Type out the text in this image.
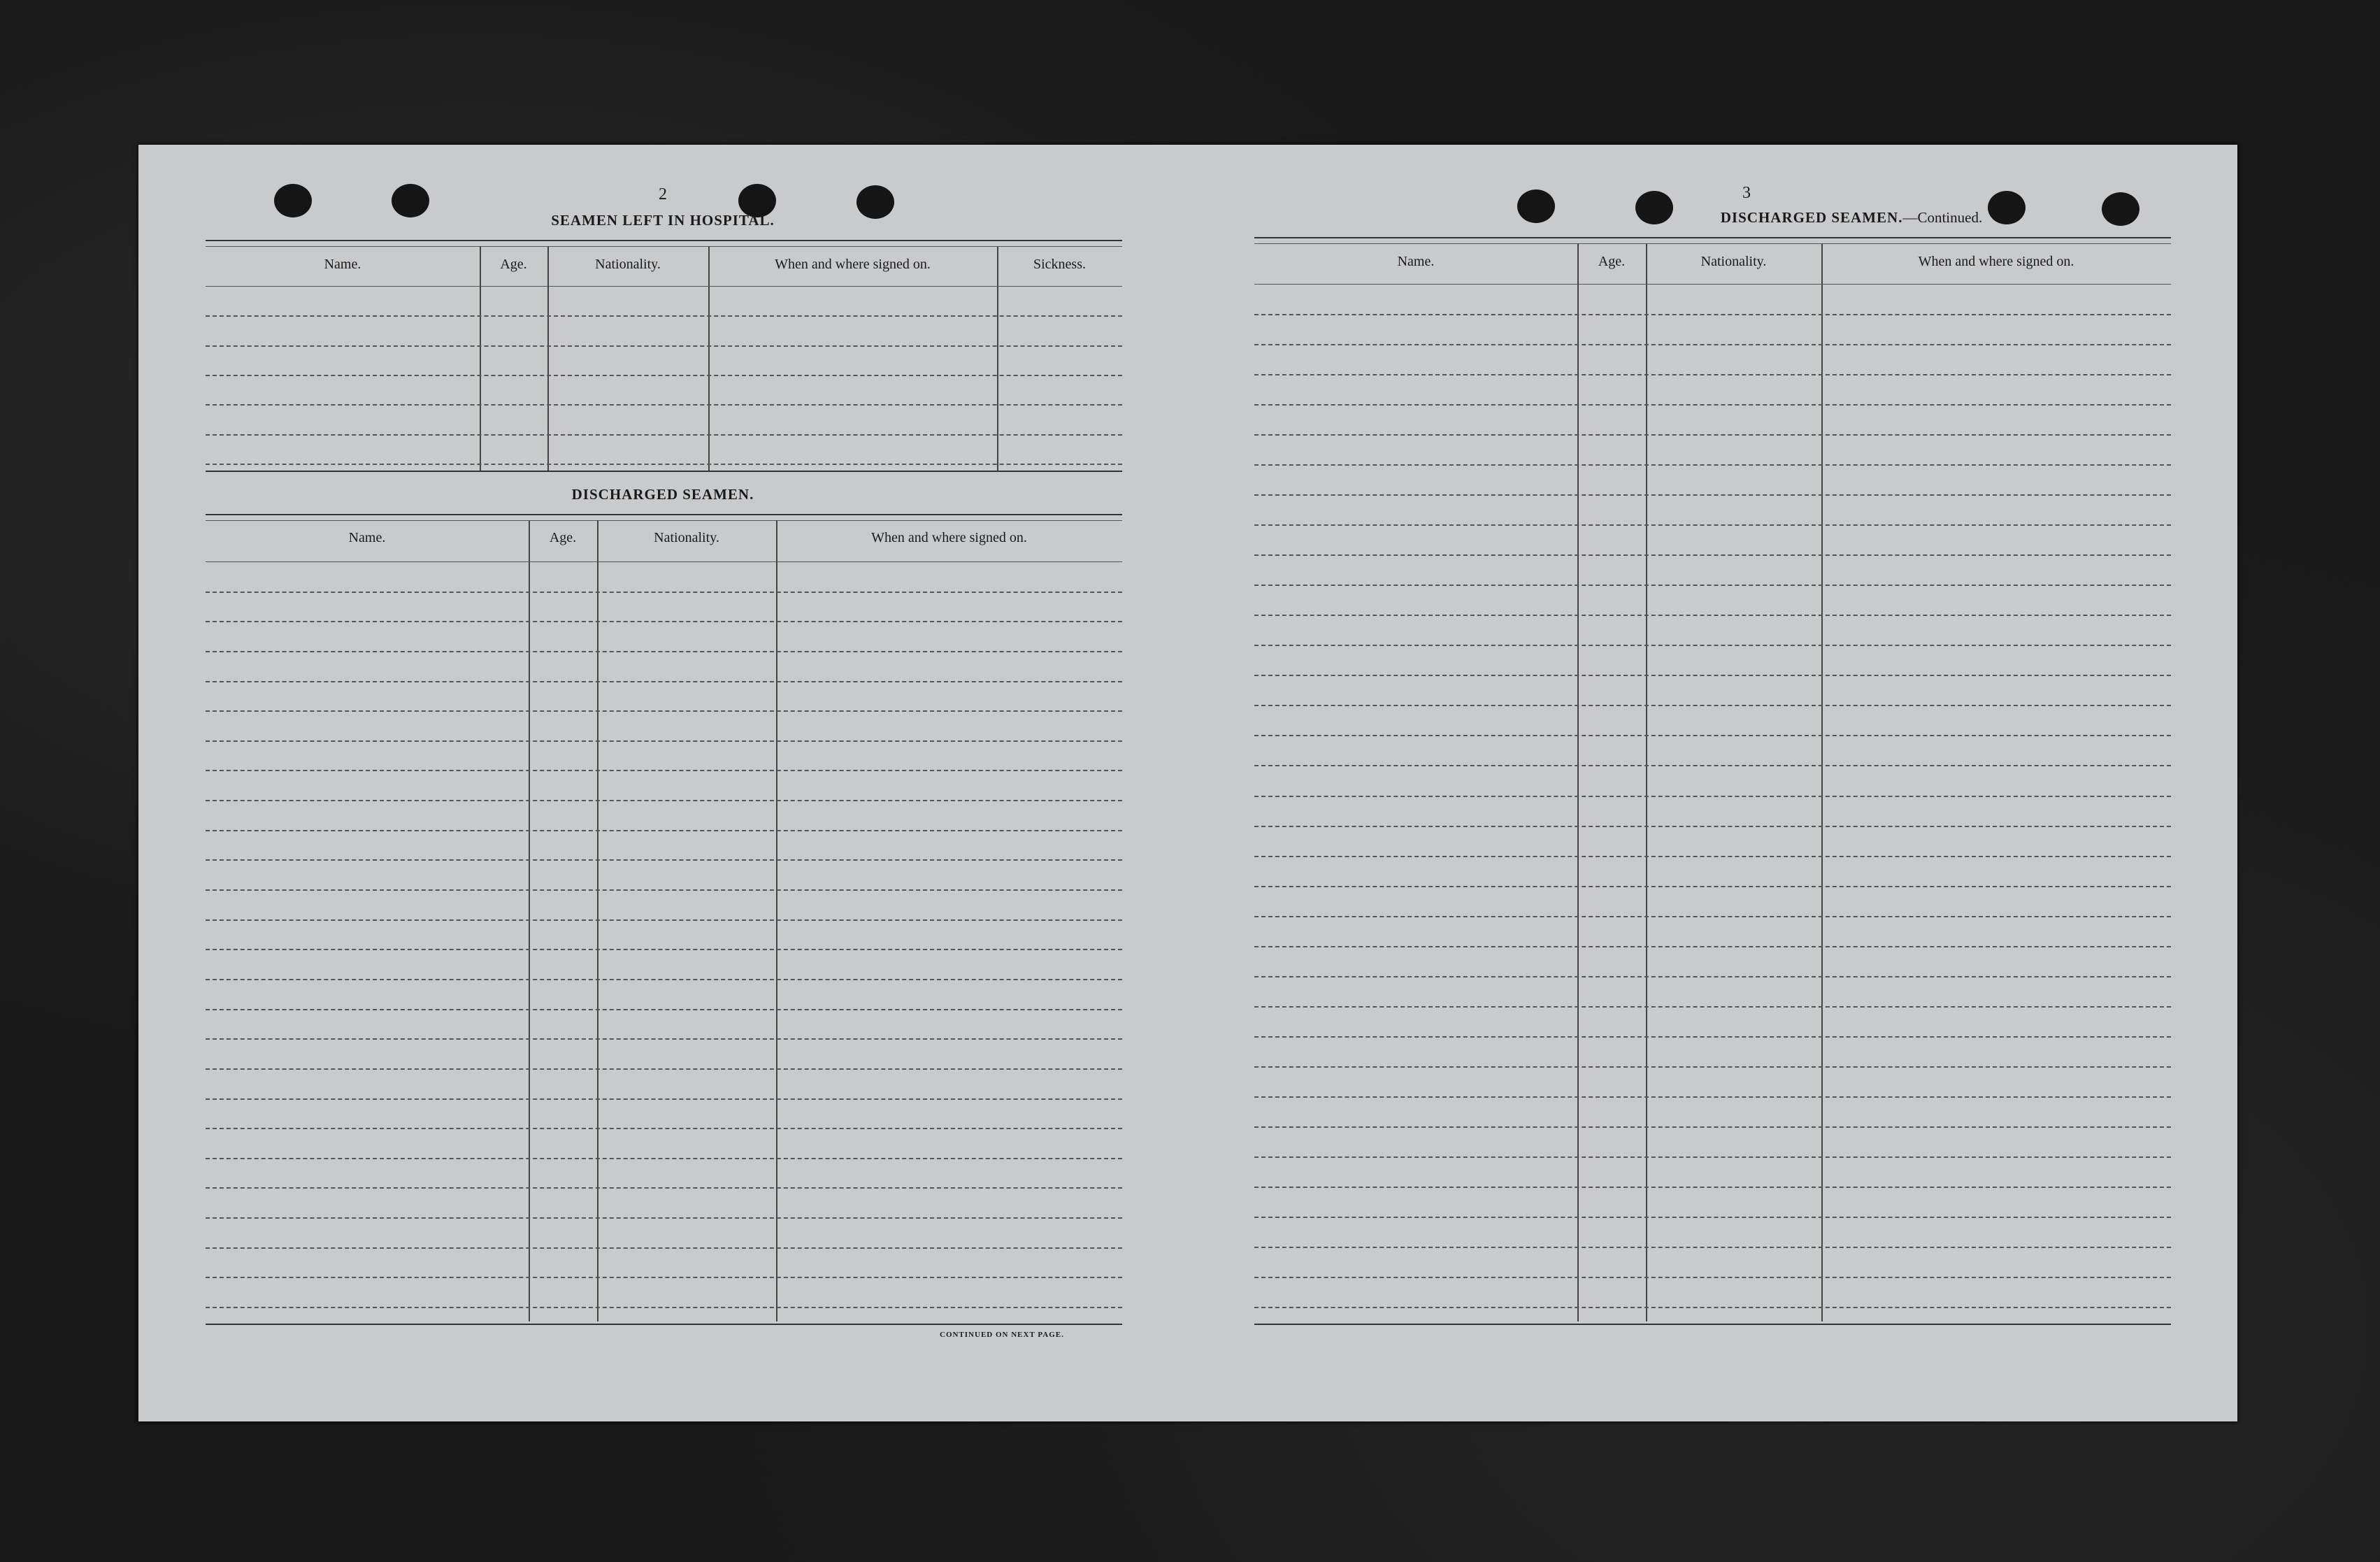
2
SEAMEN LEFT IN HOSPITAL.
DISCHARGED SEAMEN.
CONTINUED ON NEXT PAGE.
Name.	Age.	Nationality.	When and where signed on.	Sickness.
Name.	Age.	Nationality.	When and where signed on.
3
DISCHARGED SEAMEN.—Continued.
Name.	Age.	Nationality.	When and where signed on.
